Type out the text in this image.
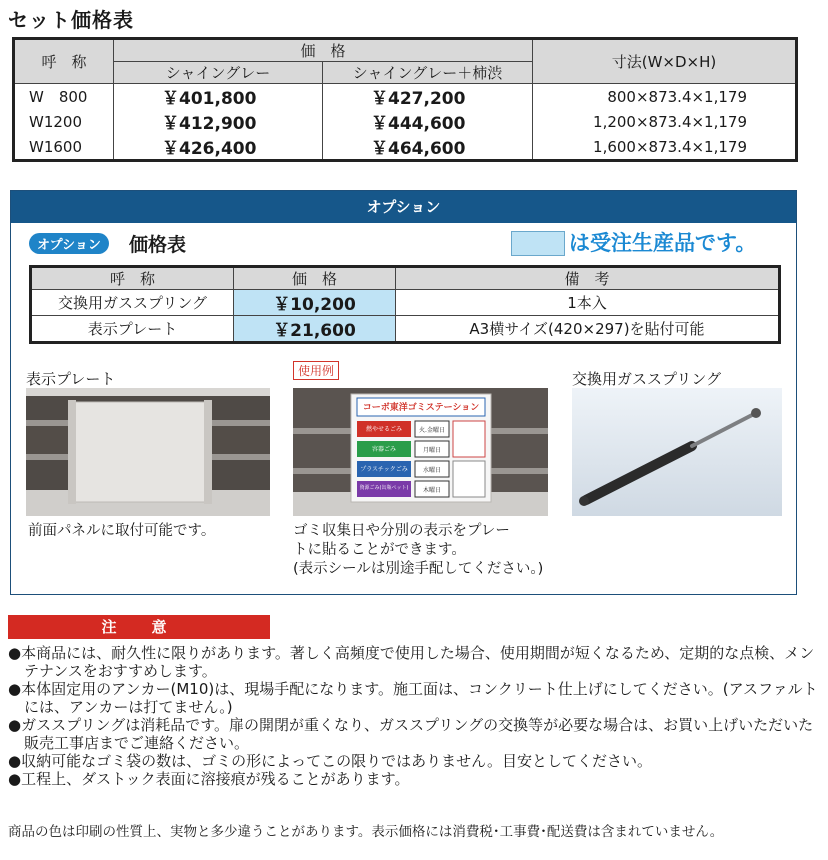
セット価格表
呼　称	価　格		寸法(W×D×H)
	シャイングレー	シャイングレー＋柿渋	
W　800	￥401,800	￥427,200	800×873.4×1,179
W1200	￥412,900	￥444,600	1,200×873.4×1,179
W1600	￥426,400	￥464,600	1,600×873.4×1,179
オプション
オプション	価格表	は受注生産品です。
呼　称	価　格	備　考
交換用ガススプリング	￥10,200	1本入
表示プレート	￥21,600	A3横サイズ(420×297)を貼付可能
表示プレート	使用例	交換用ガススプリング
コーボ東洋ゴミステーション
燃やせるごみ
容器ごみ
プラスチックごみ
資源ごみ(缶瓶ペット)
火.金曜日
月曜日
水曜日
木曜日
前面パネルに取付可能です。	ゴミ収集日や分別の表示をプレー
トに貼ることができます。
(表示シールは別途手配してください。)
注　意
●本商品には、耐久性に限りがあります。著しく高頻度で使用した場合、使用期間が短くなるため、定期的な点検、メンテナンスをおすすめします。
●本体固定用のアンカー(M10)は、現場手配になります。施工面は、コンクリート仕上げにしてください。(アスファルトには、アンカーは打てません。)
●ガススプリングは消耗品です。扉の開閉が重くなり、ガススプリングの交換等が必要な場合は、お買い上げいただいた販売工事店までご連絡ください。
●収納可能なゴミ袋の数は、ゴミの形によってこの限りではありません。目安としてください。
●工程上、ダストック表面に溶接痕が残ることがあります。
商品の色は印刷の性質上、実物と多少違うことがあります。表示価格には消費税･工事費･配送費は含まれていません。
